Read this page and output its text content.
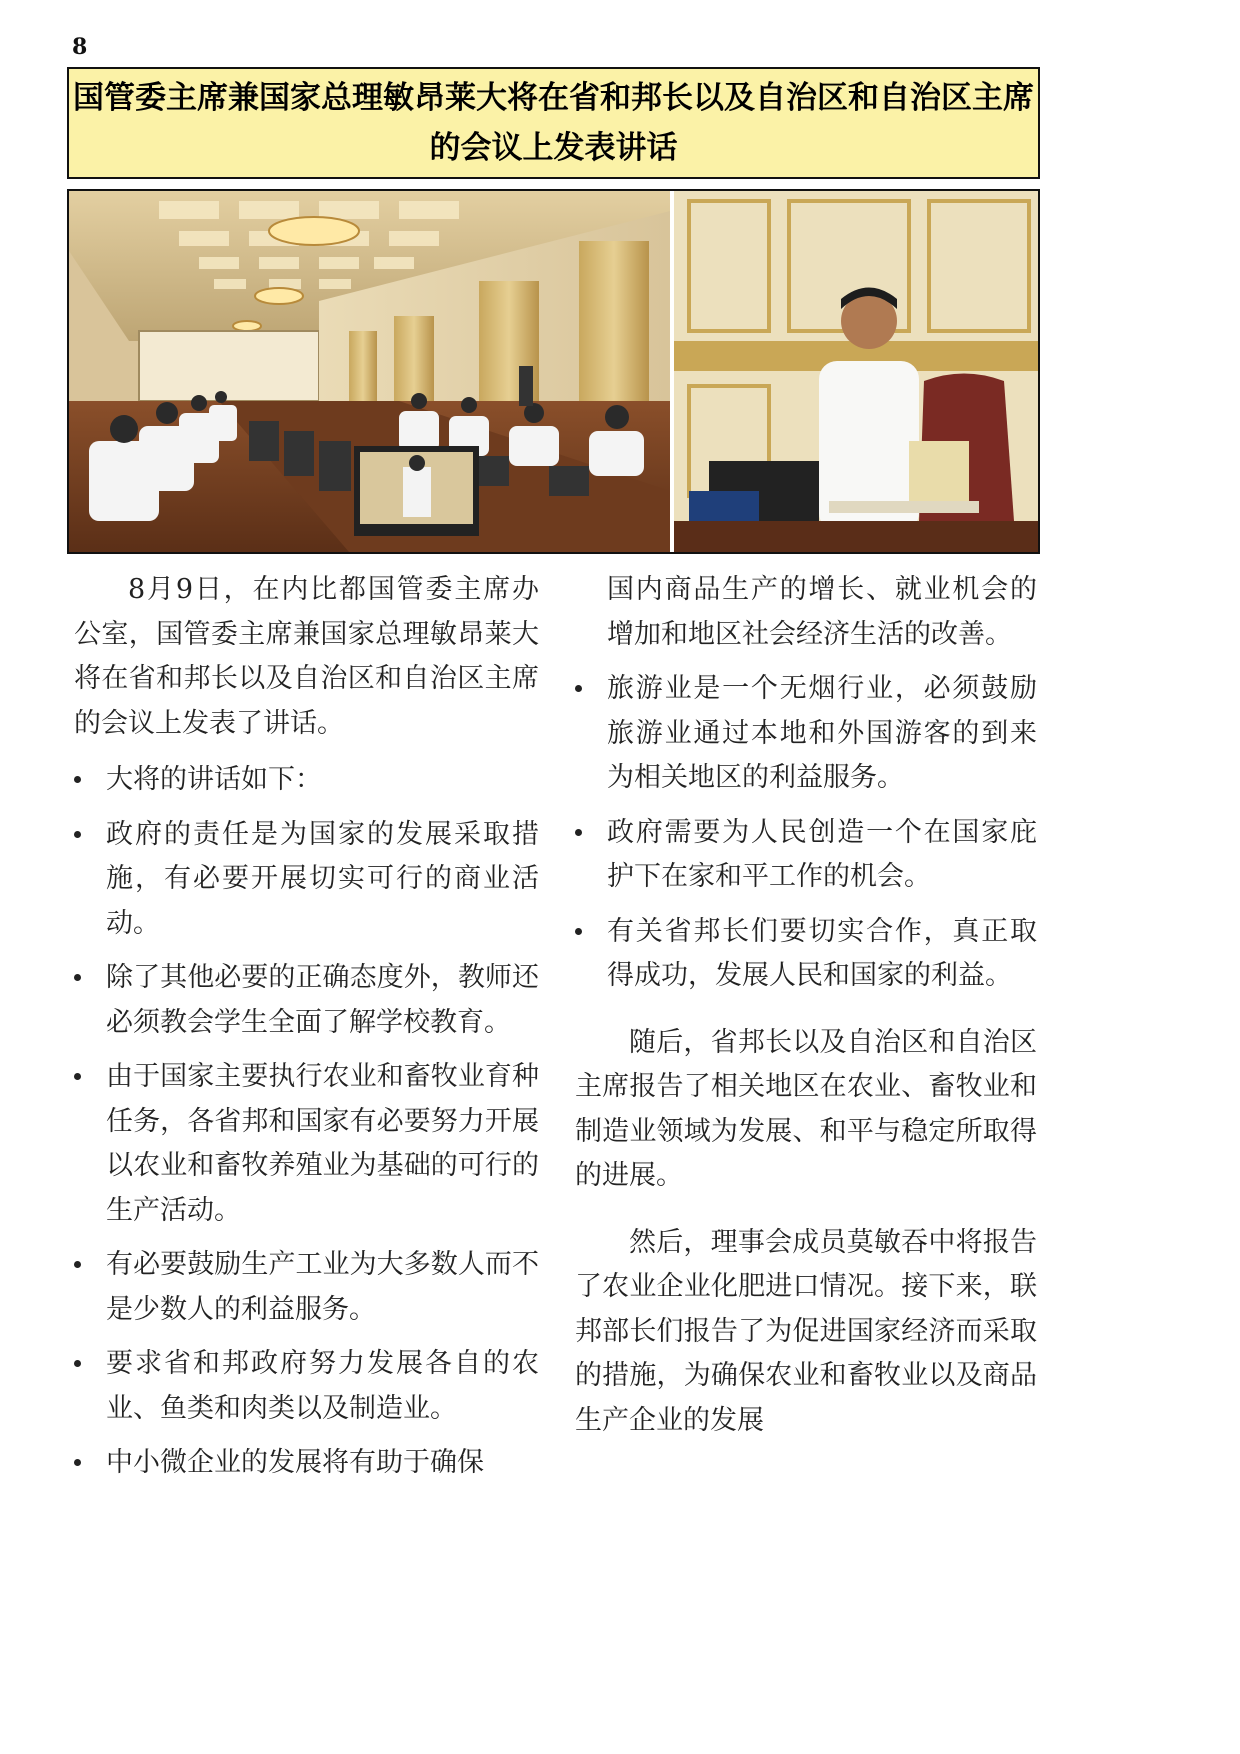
8
国管委主席兼国家总理敏昂莱大将在省和邦长以及自治区和自治区主席的会议上发表讲话

8月9日，在内比都国管委主席办公室，国管委主席兼国家总理敏昂莱大将在省和邦长以及自治区和自治区主席的会议上发表了讲话。

大将的讲话如下：
政府的责任是为国家的发展采取措施，有必要开展切实可行的商业活动。
除了其他必要的正确态度外，教师还必须教会学生全面了解学校教育。
由于国家主要执行农业和畜牧业育种任务，各省邦和国家有必要努力开展以农业和畜牧养殖业为基础的可行的生产活动。
有必要鼓励生产工业为大多数人而不是少数人的利益服务。
要求省和邦政府努力发展各自的农业、鱼类和肉类以及制造业。
中小微企业的发展将有助于确保
国内商品生产的增长、就业机会的增加和地区社会经济生活的改善。
旅游业是一个无烟行业，必须鼓励旅游业通过本地和外国游客的到来为相关地区的利益服务。
政府需要为人民创造一个在国家庇护下在家和平工作的机会。
有关省邦长们要切实合作，真正取得成功，发展人民和国家的利益。

随后，省邦长以及自治区和自治区主席报告了相关地区在农业、畜牧业和制造业领域为发展、和平与稳定所取得的进展。

然后，理事会成员莫敏吞中将报告了农业企业化肥进口情况。接下来，联邦部长们报告了为促进国家经济而采取的措施，为确保农业和畜牧业以及商品生产企业的发展
